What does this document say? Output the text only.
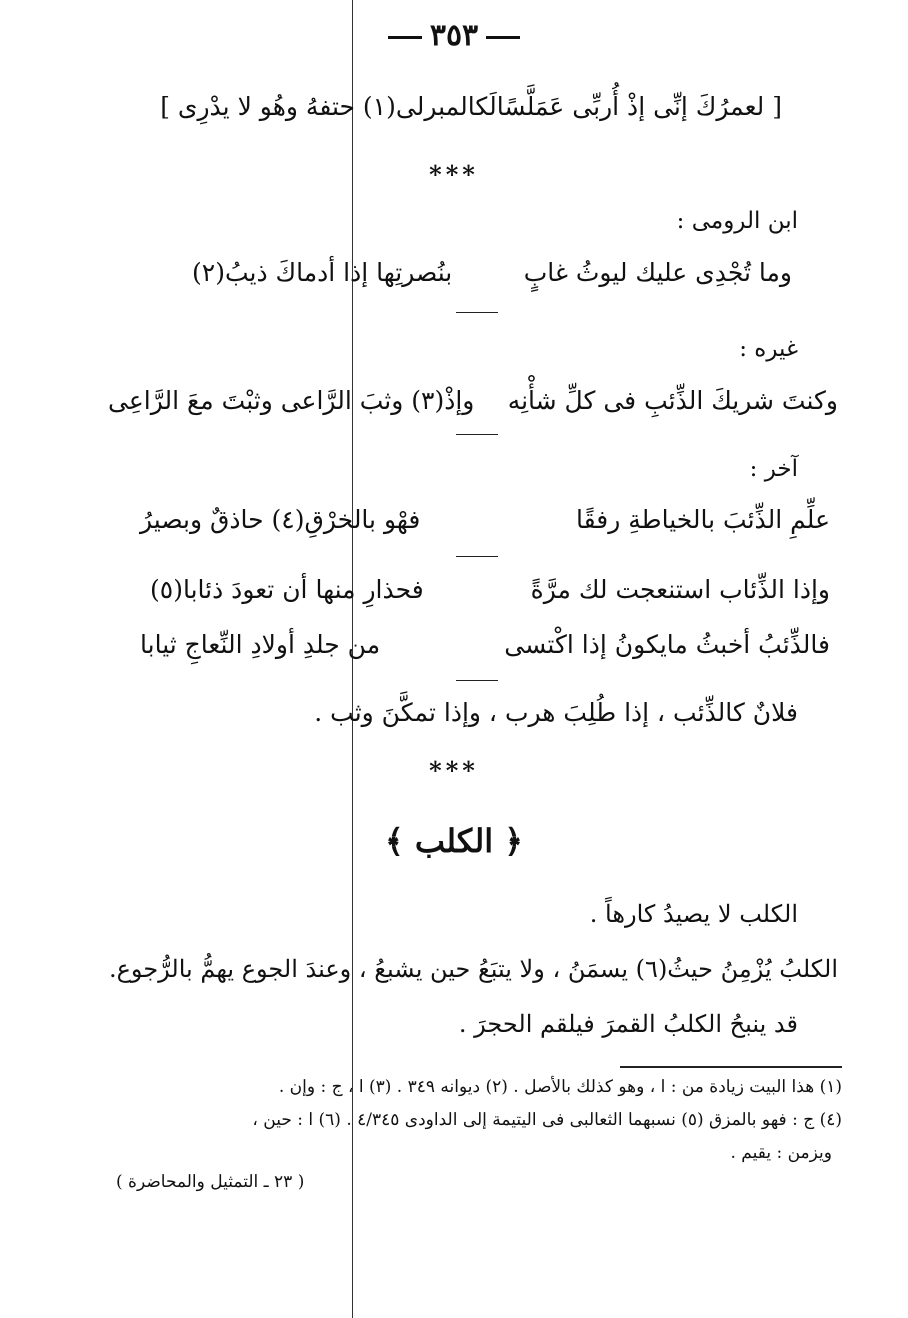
٣٥٣
[ لعمرُكَ إنِّى إذْ أُربِّى عَمَلَّسًا
لَكالمبرلى(١) حتفهُ وهُو لا يدْرِى ]
***
ابن الرومى :
وما تُجْدِى عليك ليوثُ غابٍ
بنُصرتِها إذا أدماكَ ذيبُ(٢)
غيره :
وكنتَ شريكَ الذِّئبِ فى كلِّ شأْنِه
وإذْ(٣) وثبَ الرَّاعى وثبْتَ معَ الرَّاعِى
آخر :
علِّمِ الذِّئبَ بالخياطةِ رفقًا
فهْو بالخرْقِ(٤) حاذقٌ وبصيرُ
وإذا الذِّئاب استنعجت لك مرَّةً
فحذارِ منها أن تعودَ ذئابا(٥)
فالذِّئبُ أخبثُ مايكونُ إذا اكْتسى
من جلدِ أولادِ النِّعاجِ ثيابا
فلانٌ كالذِّئب ، إذا طُلِبَ هرب ، وإذا تمكَّنَ وثب .
***
﴿ الكلب ﴾
الكلب لا يصيدُ كارهاً .
الكلبُ يُزْمِنُ حيثُ(٦) يسمَنُ ، ولا يتبَعُ حين يشبعُ ، وعندَ الجوع يهمُّ بالرُّجوع.
قد ينبحُ الكلبُ القمرَ فيلقم الحجرَ .
(١) هذا البيت زيادة من : ا ، وهو كذلك بالأصل . (٢) ديوانه ٣٤٩ . (٣) ا ، ج : وإن .
(٤) ج : فهو بالمزق (٥) نسبهما الثعالبى فى اليتيمة إلى الداودى ٤/٣٤٥ . (٦) ا : حين ،
ويزمن : يقيم .
( ٢٣ ـ التمثيل والمحاضرة )
